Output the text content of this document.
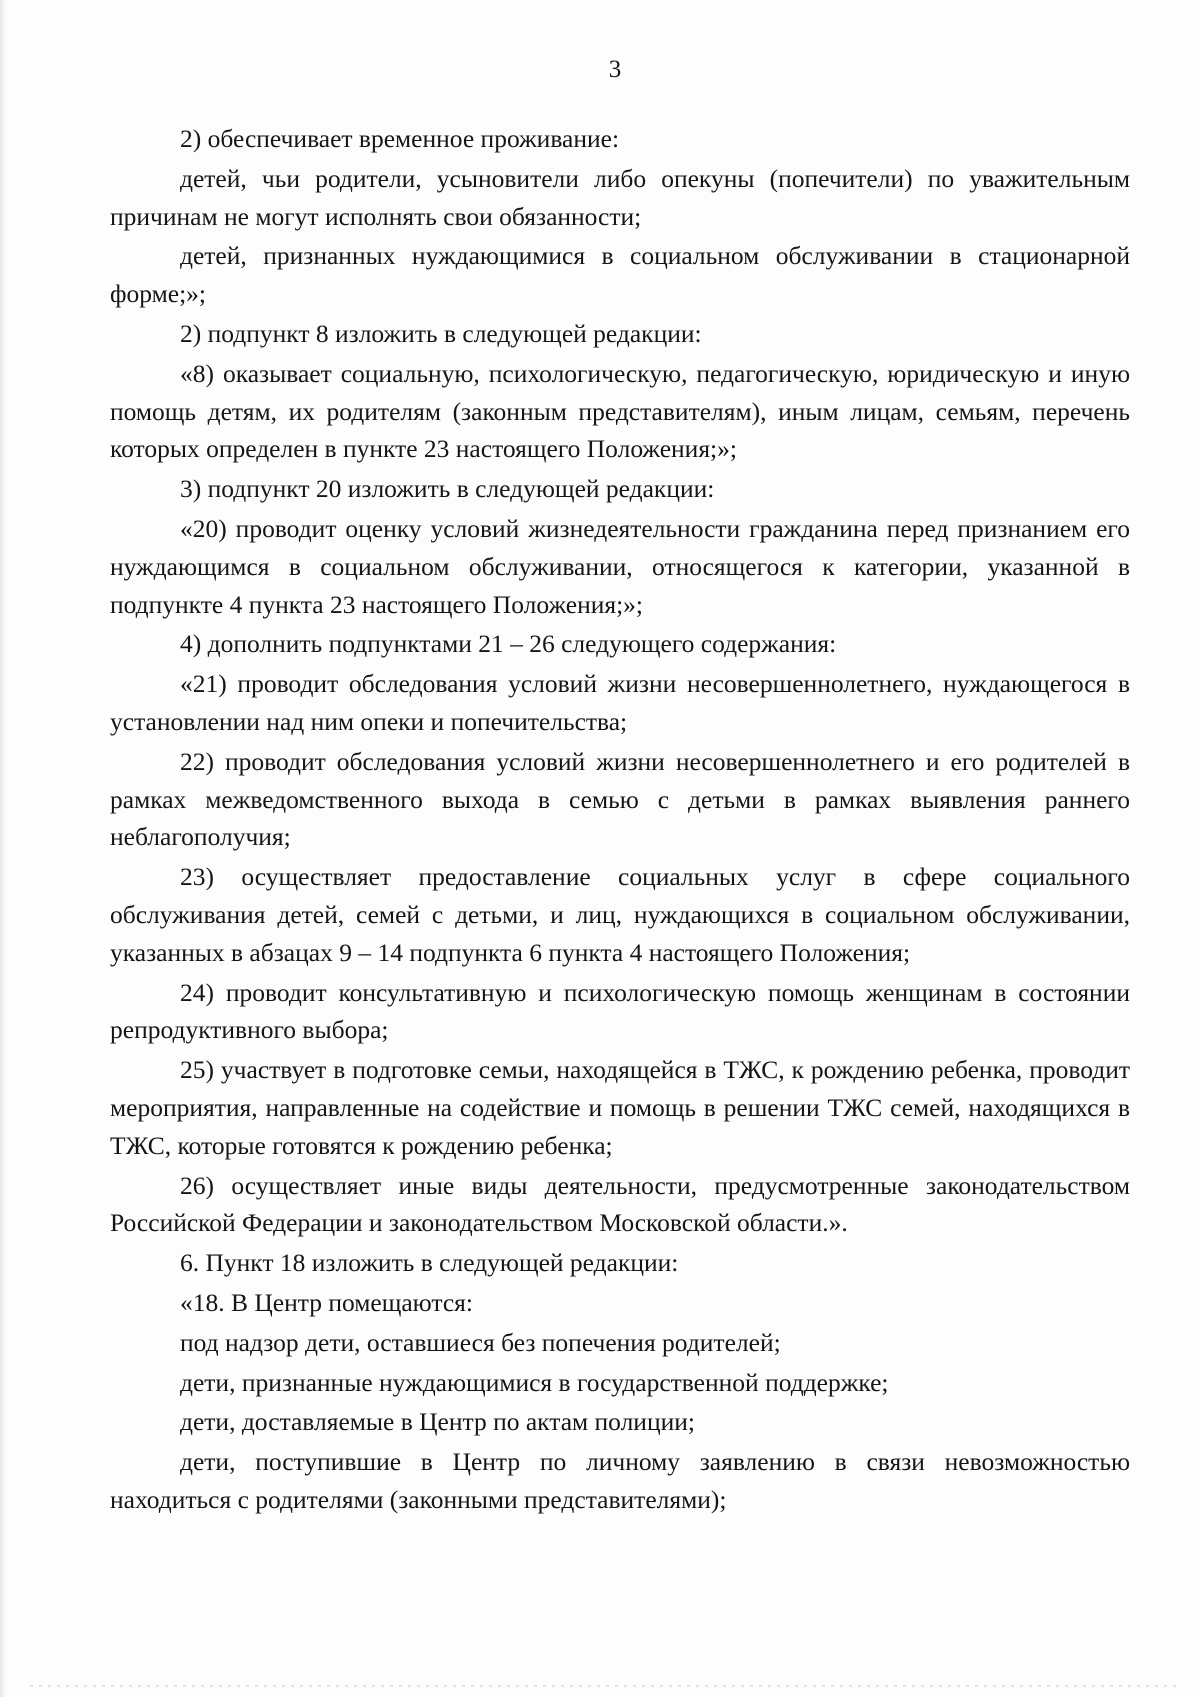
3

2) обеспечивает временное проживание:

детей, чьи родители, усыновители либо опекуны (попечители) по уважительным причинам не могут исполнять свои обязанности;

детей, признанных нуждающимися в социальном обслуживании в стационарной форме;»;

2) подпункт 8 изложить в следующей редакции:

«8) оказывает социальную, психологическую, педагогическую, юридическую и иную помощь детям, их родителям (законным представителям), иным лицам, семьям, перечень которых определен в пункте 23 настоящего Положения;»;

3) подпункт 20 изложить в следующей редакции:

«20) проводит оценку условий жизнедеятельности гражданина перед признанием его нуждающимся в социальном обслуживании, относящегося к категории, указанной в подпункте 4 пункта 23 настоящего Положения;»;

4) дополнить подпунктами 21 – 26 следующего содержания:

«21) проводит обследования условий жизни несовершеннолетнего, нуждающегося в установлении над ним опеки и попечительства;

22) проводит обследования условий жизни несовершеннолетнего и его родителей в рамках межведомственного выхода в семью с детьми в рамках выявления раннего неблагополучия;

23) осуществляет предоставление социальных услуг в сфере социального обслуживания детей, семей с детьми, и лиц, нуждающихся в социальном обслуживании, указанных в абзацах 9 – 14 подпункта 6 пункта 4 настоящего Положения;

24) проводит консультативную и психологическую помощь женщинам в состоянии репродуктивного выбора;

25) участвует в подготовке семьи, находящейся в ТЖС, к рождению ребенка, проводит мероприятия, направленные на содействие и помощь в решении ТЖС семей, находящихся в ТЖС, которые готовятся к рождению ребенка;

26) осуществляет иные виды деятельности, предусмотренные законодательством Российской Федерации и законодательством Московской области.».

6. Пункт 18 изложить в следующей редакции:

«18. В Центр помещаются:

под надзор дети, оставшиеся без попечения родителей;

дети, признанные нуждающимися в государственной поддержке;

дети, доставляемые в Центр по актам полиции;

дети, поступившие в Центр по личному заявлению в связи невозможностью находиться с родителями (законными представителями);
